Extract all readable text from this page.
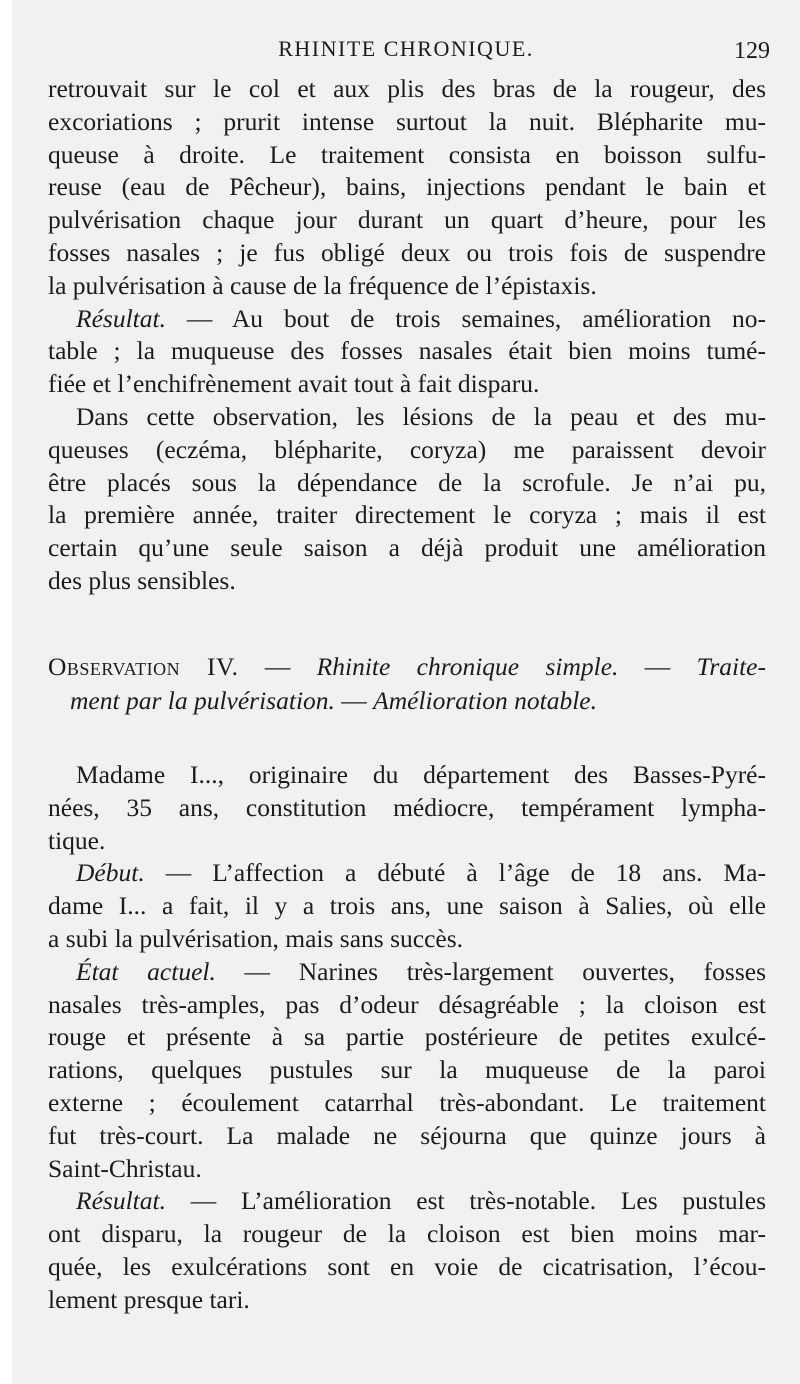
RHINITE CHRONIQUE.	129
retrouvait sur le col et aux plis des bras de la rougeur, des
excoriations ; prurit intense surtout la nuit. Blépharite mu-
queuse à droite. Le traitement consista en boisson sulfu-
reuse (eau de Pêcheur), bains, injections pendant le bain et
pulvérisation chaque jour durant un quart d’heure, pour les
fosses nasales ; je fus obligé deux ou trois fois de suspendre
la pulvérisation à cause de la fréquence de l’épistaxis.
Résultat. — Au bout de trois semaines, amélioration no-
table ; la muqueuse des fosses nasales était bien moins tumé-
fiée et l’enchifrènement avait tout à fait disparu.
Dans cette observation, les lésions de la peau et des mu-
queuses (eczéma, blépharite, coryza) me paraissent devoir
être placés sous la dépendance de la scrofule. Je n’ai pu,
la première année, traiter directement le coryza ; mais il est
certain qu’une seule saison a déjà produit une amélioration
des plus sensibles.
Observation IV. — Rhinite chronique simple. — Traite-
ment par la pulvérisation. — Amélioration notable.
Madame I..., originaire du département des Basses-Pyré-
nées, 35 ans, constitution médiocre, tempérament lympha-
tique.
Début. — L’affection a débuté à l’âge de 18 ans. Ma-
dame I... a fait, il y a trois ans, une saison à Salies, où elle
a subi la pulvérisation, mais sans succès.
État actuel. — Narines très-largement ouvertes, fosses
nasales très-amples, pas d’odeur désagréable ; la cloison est
rouge et présente à sa partie postérieure de petites exulcé-
rations, quelques pustules sur la muqueuse de la paroi
externe ; écoulement catarrhal très-abondant. Le traitement
fut très-court. La malade ne séjourna que quinze jours à
Saint-Christau.
Résultat. — L’amélioration est très-notable. Les pustules
ont disparu, la rougeur de la cloison est bien moins mar-
quée, les exulcérations sont en voie de cicatrisation, l’écou-
lement presque tari.
